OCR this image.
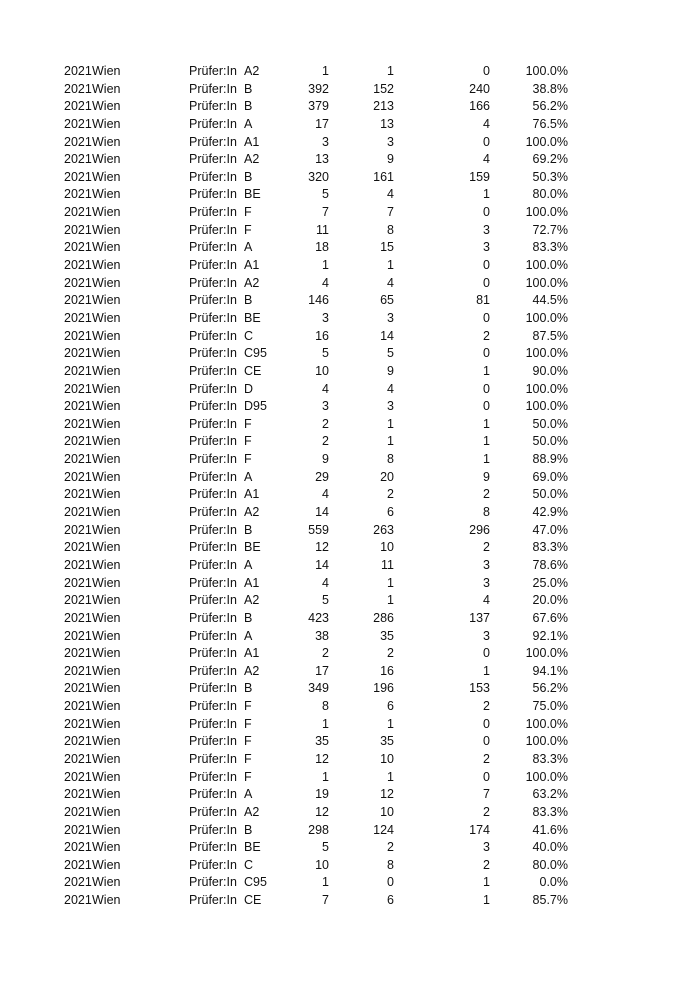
2021 Wien	Prüfer:In A2	1	1	0	100.0%
2021 Wien	Prüfer:In B	392	152	240	38.8%
2021 Wien	Prüfer:In B	379	213	166	56.2%
2021 Wien	Prüfer:In A	17	13	4	76.5%
2021 Wien	Prüfer:In A1	3	3	0	100.0%
2021 Wien	Prüfer:In A2	13	9	4	69.2%
2021 Wien	Prüfer:In B	320	161	159	50.3%
2021 Wien	Prüfer:In BE	5	4	1	80.0%
2021 Wien	Prüfer:In F	7	7	0	100.0%
2021 Wien	Prüfer:In F	11	8	3	72.7%
2021 Wien	Prüfer:In A	18	15	3	83.3%
2021 Wien	Prüfer:In A1	1	1	0	100.0%
2021 Wien	Prüfer:In A2	4	4	0	100.0%
2021 Wien	Prüfer:In B	146	65	81	44.5%
2021 Wien	Prüfer:In BE	3	3	0	100.0%
2021 Wien	Prüfer:In C	16	14	2	87.5%
2021 Wien	Prüfer:In C95	5	5	0	100.0%
2021 Wien	Prüfer:In CE	10	9	1	90.0%
2021 Wien	Prüfer:In D	4	4	0	100.0%
2021 Wien	Prüfer:In D95	3	3	0	100.0%
2021 Wien	Prüfer:In F	2	1	1	50.0%
2021 Wien	Prüfer:In F	2	1	1	50.0%
2021 Wien	Prüfer:In F	9	8	1	88.9%
2021 Wien	Prüfer:In A	29	20	9	69.0%
2021 Wien	Prüfer:In A1	4	2	2	50.0%
2021 Wien	Prüfer:In A2	14	6	8	42.9%
2021 Wien	Prüfer:In B	559	263	296	47.0%
2021 Wien	Prüfer:In BE	12	10	2	83.3%
2021 Wien	Prüfer:In A	14	11	3	78.6%
2021 Wien	Prüfer:In A1	4	1	3	25.0%
2021 Wien	Prüfer:In A2	5	1	4	20.0%
2021 Wien	Prüfer:In B	423	286	137	67.6%
2021 Wien	Prüfer:In A	38	35	3	92.1%
2021 Wien	Prüfer:In A1	2	2	0	100.0%
2021 Wien	Prüfer:In A2	17	16	1	94.1%
2021 Wien	Prüfer:In B	349	196	153	56.2%
2021 Wien	Prüfer:In F	8	6	2	75.0%
2021 Wien	Prüfer:In F	1	1	0	100.0%
2021 Wien	Prüfer:In F	35	35	0	100.0%
2021 Wien	Prüfer:In F	12	10	2	83.3%
2021 Wien	Prüfer:In F	1	1	0	100.0%
2021 Wien	Prüfer:In A	19	12	7	63.2%
2021 Wien	Prüfer:In A2	12	10	2	83.3%
2021 Wien	Prüfer:In B	298	124	174	41.6%
2021 Wien	Prüfer:In BE	5	2	3	40.0%
2021 Wien	Prüfer:In C	10	8	2	80.0%
2021 Wien	Prüfer:In C95	1	0	1	0.0%
2021 Wien	Prüfer:In CE	7	6	1	85.7%
